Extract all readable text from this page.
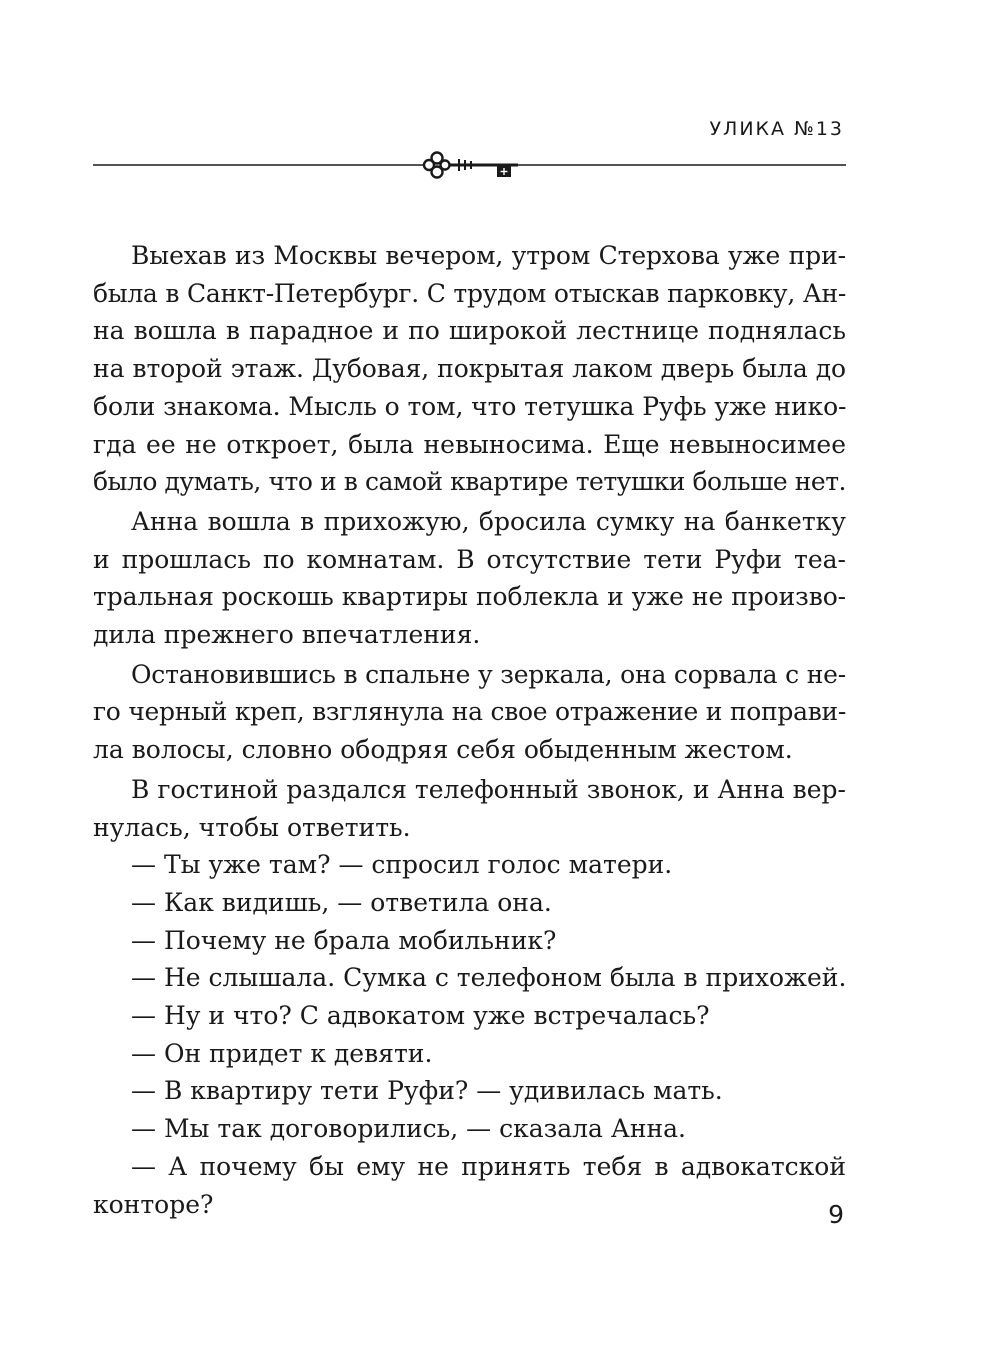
УЛИКА №13
Выехав из Москвы вечером, утром Стерхова уже при-
была в Санкт-Петербург. С трудом отыскав парковку, Ан-
на вошла в парадное и по широкой лестнице поднялась
на второй этаж. Дубовая, покрытая лаком дверь была до
боли знакома. Мысль о том, что тетушка Руфь уже нико-
гда ее не откроет, была невыносима. Еще невыносимее
было думать, что и в самой квартире тетушки больше нет.
Анна вошла в прихожую, бросила сумку на банкетку
и прошлась по комнатам. В отсутствие тети Руфи теа-
тральная роскошь квартиры поблекла и уже не произво-
дила прежнего впечатления.
Остановившись в спальне у зеркала, она сорвала с не-
го черный креп, взглянула на свое отражение и поправи-
ла волосы, словно ободряя себя обыденным жестом.
В гостиной раздался телефонный звонок, и Анна вер-
нулась, чтобы ответить.
— Ты уже там? — спросил голос матери.
— Как видишь, — ответила она.
— Почему не брала мобильник?
— Не слышала. Сумка с телефоном была в прихожей.
— Ну и что? С адвокатом уже встречалась?
— Он придет к девяти.
— В квартиру тети Руфи? — удивилась мать.
— Мы так договорились, — сказала Анна.
— А почему бы ему не принять тебя в адвокатской
конторе?	9
